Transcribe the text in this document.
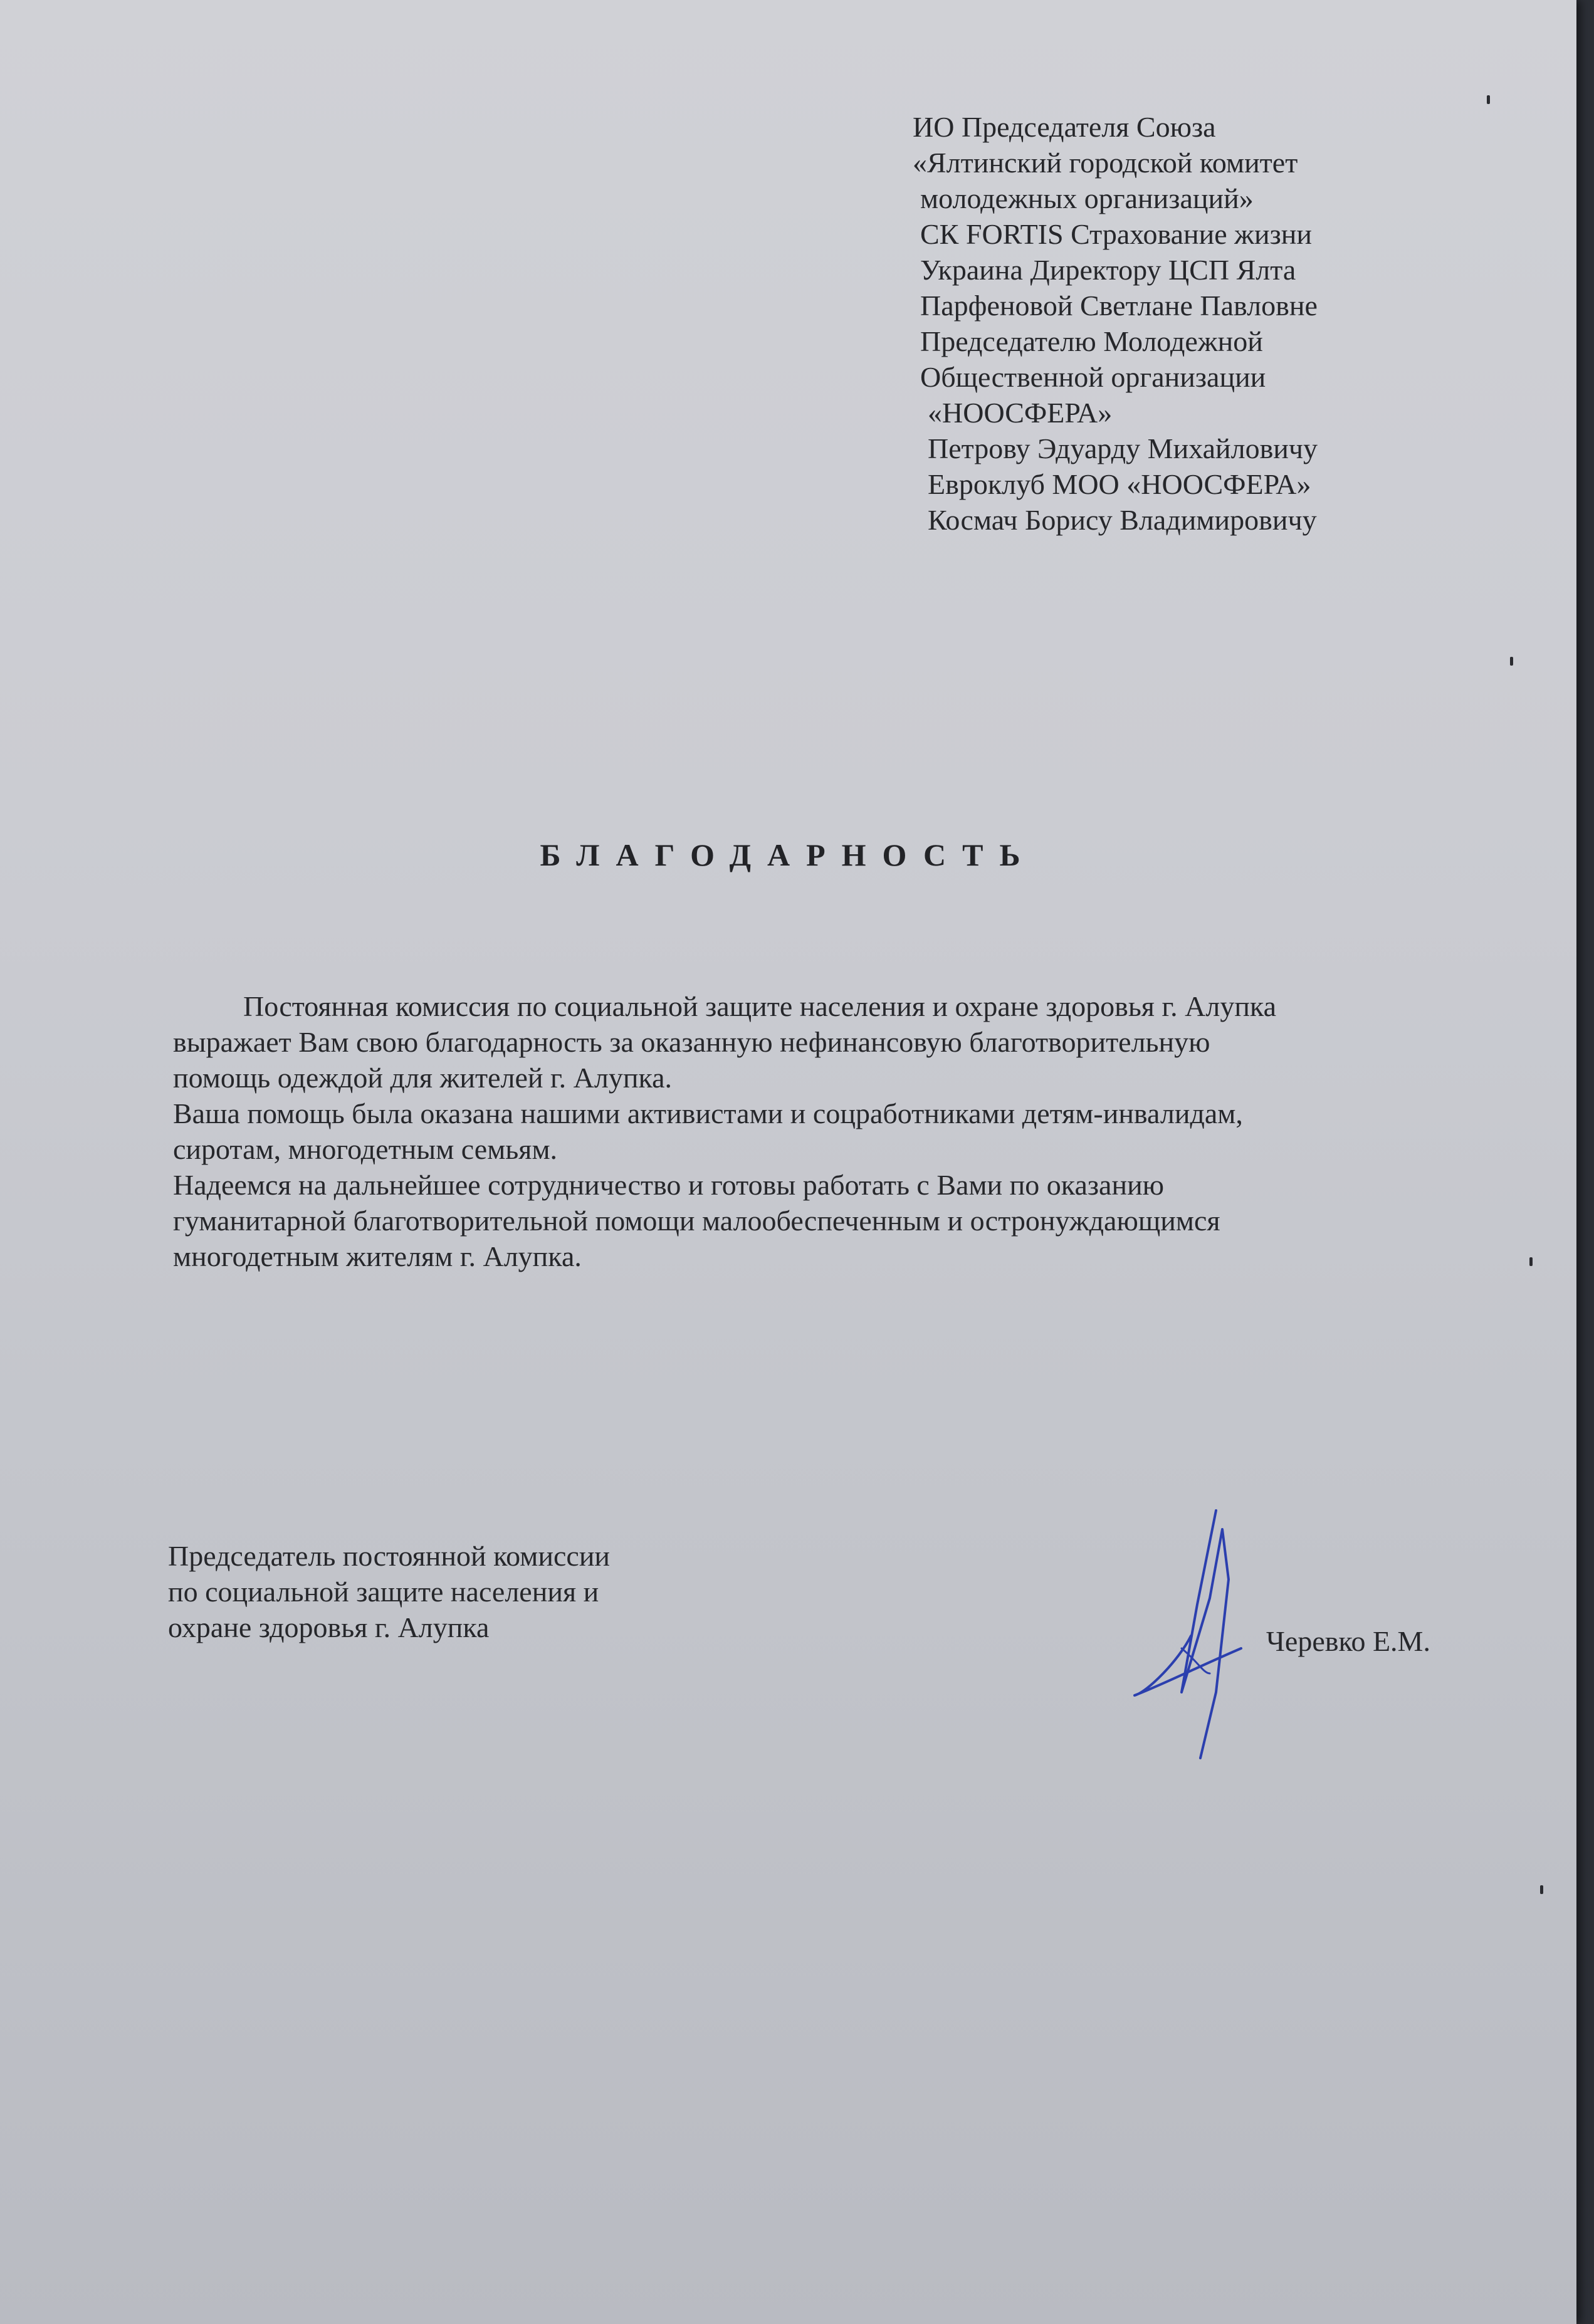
ИО Председателя Союза
«Ялтинский городской комитет
молодежных организаций»
СК FORTIS Страхование жизни
Украина Директору ЦСП Ялта
Парфеновой Светлане Павловне
Председателю Молодежной
Общественной организации
«НООСФЕРА»
Петрову Эдуарду Михайловичу
Евроклуб МОО «НООСФЕРА»
Космач Борису Владимировичу
БЛАГОДАРНОСТЬ
Постоянная комиссия по социальной защите населения и охране здоровья г. Алупка
выражает Вам свою благодарность за оказанную нефинансовую благотворительную
помощь одеждой для жителей г. Алупка.
Ваша помощь была оказана нашими активистами и соцработниками детям-инвалидам,
сиротам, многодетным семьям.
Надеемся на дальнейшее сотрудничество и готовы работать с Вами по оказанию
гуманитарной благотворительной помощи малообеспеченным и остронуждающимся
многодетным жителям г. Алупка.
Председатель постоянной комиссии
по социальной защите населения и
охране здоровья г. Алупка	Черевко Е.М.
